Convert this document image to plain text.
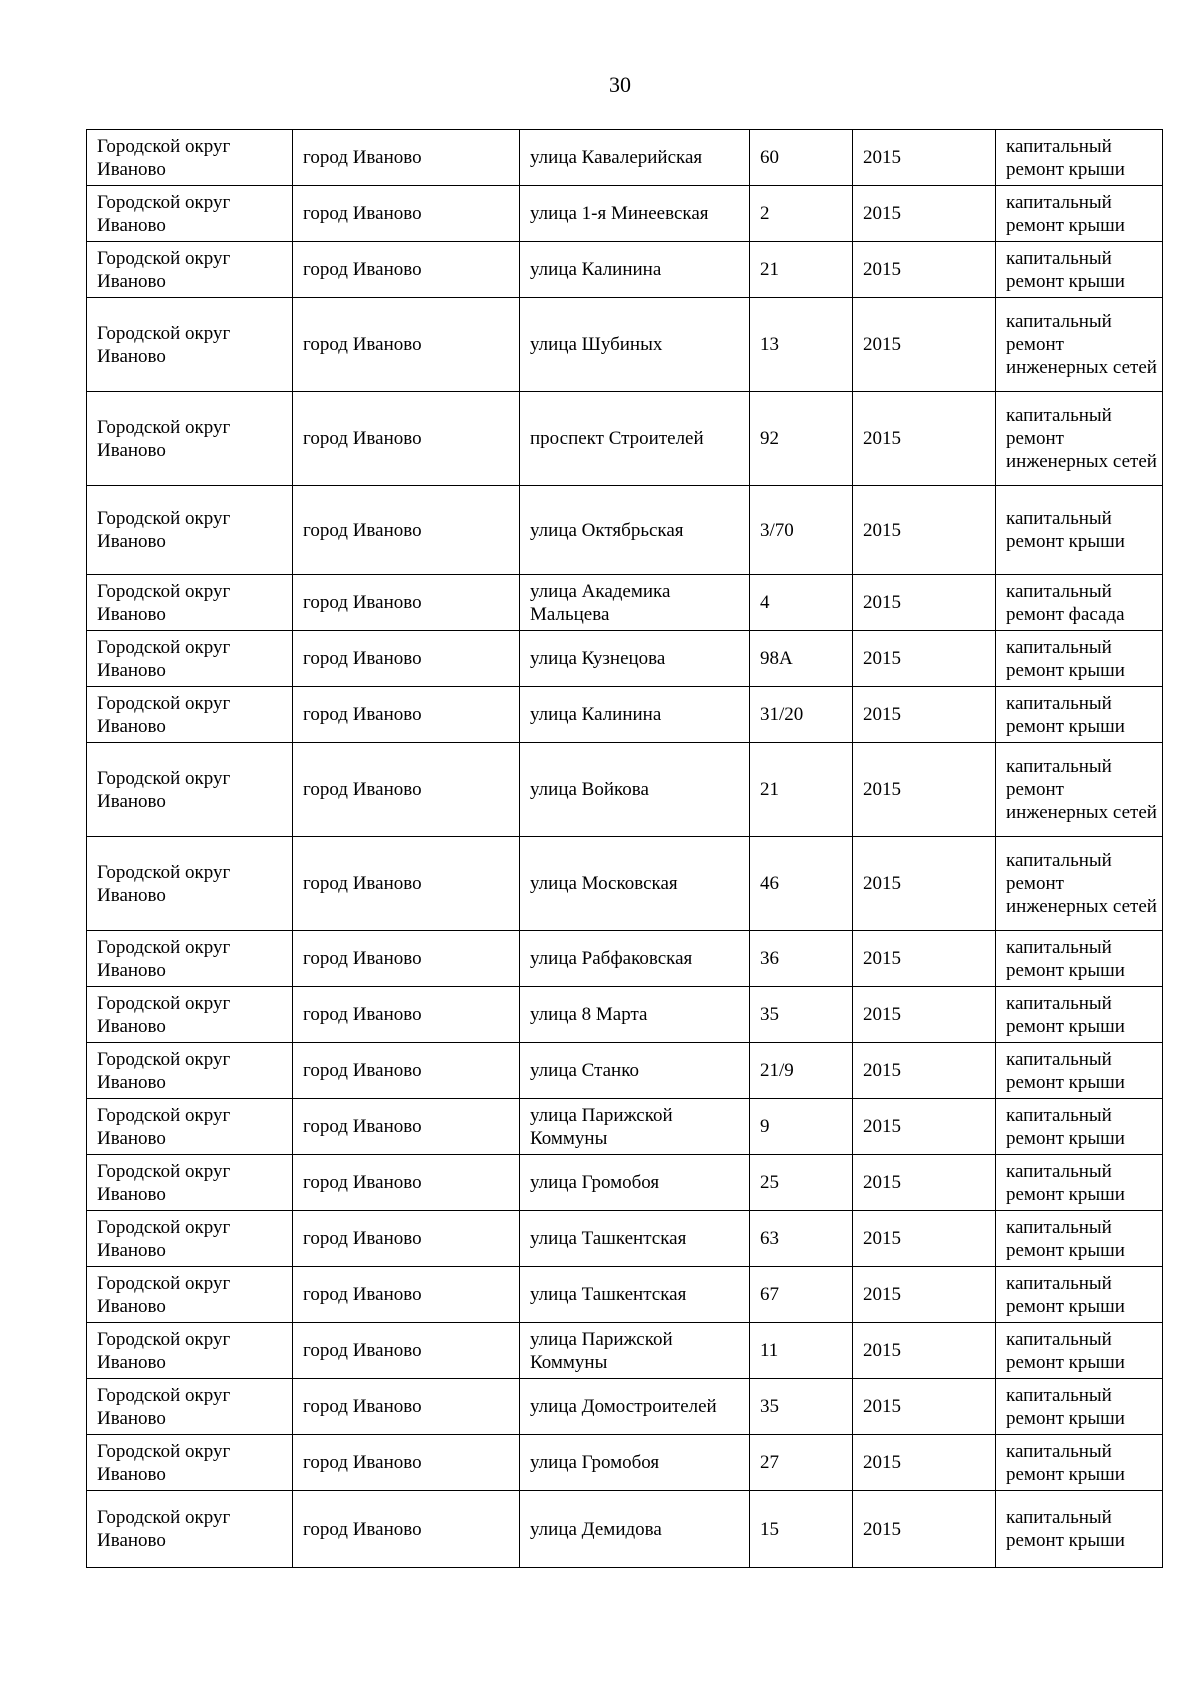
30
Городской округ Иваново	город Иваново	улица Кавалерийская	60	2015	капитальный ремонт крыши
Городской округ Иваново	город Иваново	улица 1-я Минеевская	2	2015	капитальный ремонт крыши
Городской округ Иваново	город Иваново	улица Калинина	21	2015	капитальный ремонт крыши
Городской округ Иваново	город Иваново	улица Шубиных	13	2015	капитальный ремонт инженерных сетей
Городской округ Иваново	город Иваново	проспект Строителей	92	2015	капитальный ремонт инженерных сетей
Городской округ Иваново	город Иваново	улица Октябрьская	3/70	2015	капитальный ремонт крыши
Городской округ Иваново	город Иваново	улица Академика Мальцева	4	2015	капитальный ремонт фасада
Городской округ Иваново	город Иваново	улица Кузнецова	98А	2015	капитальный ремонт крыши
Городской округ Иваново	город Иваново	улица Калинина	31/20	2015	капитальный ремонт крыши
Городской округ Иваново	город Иваново	улица Войкова	21	2015	капитальный ремонт инженерных сетей
Городской округ Иваново	город Иваново	улица Московская	46	2015	капитальный ремонт инженерных сетей
Городской округ Иваново	город Иваново	улица Рабфаковская	36	2015	капитальный ремонт крыши
Городской округ Иваново	город Иваново	улица 8 Марта	35	2015	капитальный ремонт крыши
Городской округ Иваново	город Иваново	улица Станко	21/9	2015	капитальный ремонт крыши
Городской округ Иваново	город Иваново	улица Парижской Коммуны	9	2015	капитальный ремонт крыши
Городской округ Иваново	город Иваново	улица Громобоя	25	2015	капитальный ремонт крыши
Городской округ Иваново	город Иваново	улица Ташкентская	63	2015	капитальный ремонт крыши
Городской округ Иваново	город Иваново	улица Ташкентская	67	2015	капитальный ремонт крыши
Городской округ Иваново	город Иваново	улица Парижской Коммуны	11	2015	капитальный ремонт крыши
Городской округ Иваново	город Иваново	улица Домостроителей	35	2015	капитальный ремонт крыши
Городской округ Иваново	город Иваново	улица Громобоя	27	2015	капитальный ремонт крыши
Городской округ Иваново	город Иваново	улица Демидова	15	2015	капитальный ремонт крыши
